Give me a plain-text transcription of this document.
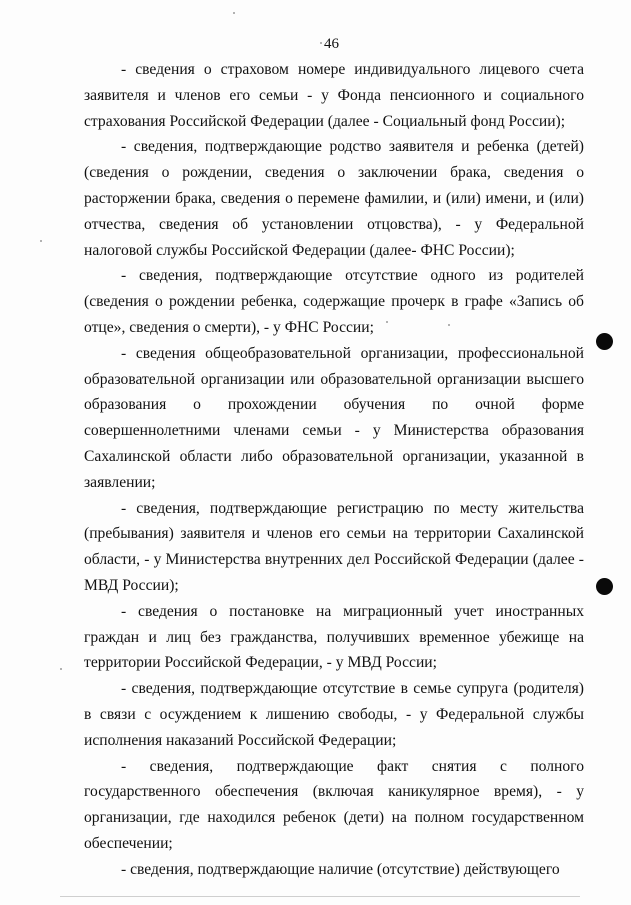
46

- сведения о страховом номере индивидуального лицевого счета заявителя и членов его семьи - у Фонда пенсионного и социального страхования Российской Федерации (далее - Социальный фонд России);

- сведения, подтверждающие родство заявителя и ребенка (детей) (сведения о рождении, сведения о заключении брака, сведения о расторжении брака, сведения о перемене фамилии, и (или) имени, и (или) отчества, сведения об установлении отцовства), - у Федеральной налоговой службы Российской Федерации (далее- ФНС России);

- сведения, подтверждающие отсутствие одного из родителей (сведения о рождении ребенка, содержащие прочерк в графе «Запись об отце», сведения о смерти), - у ФНС России;

- сведения общеобразовательной организации, профессиональной образовательной организации или образовательной организации высшего образования о прохождении обучения по очной форме совершеннолетними членами семьи - у Министерства образования Сахалинской области либо образовательной организации, указанной в заявлении;

- сведения, подтверждающие регистрацию по месту жительства (пребывания) заявителя и членов его семьи на территории Сахалинской области, - у Министерства внутренних дел Российской Федерации (далее - МВД России);

- сведения о постановке на миграционный учет иностранных граждан и лиц без гражданства, получивших временное убежище на территории Российской Федерации, - у МВД России;

- сведения, подтверждающие отсутствие в семье супруга (родителя) в связи с осуждением к лишению свободы, - у Федеральной службы исполнения наказаний Российской Федерации;

- сведения, подтверждающие факт снятия с полного государственного обеспечения (включая каникулярное время), - у организации, где находился ребенок (дети) на полном государственном обеспечении;

- сведения, подтверждающие наличие (отсутствие) действующего
